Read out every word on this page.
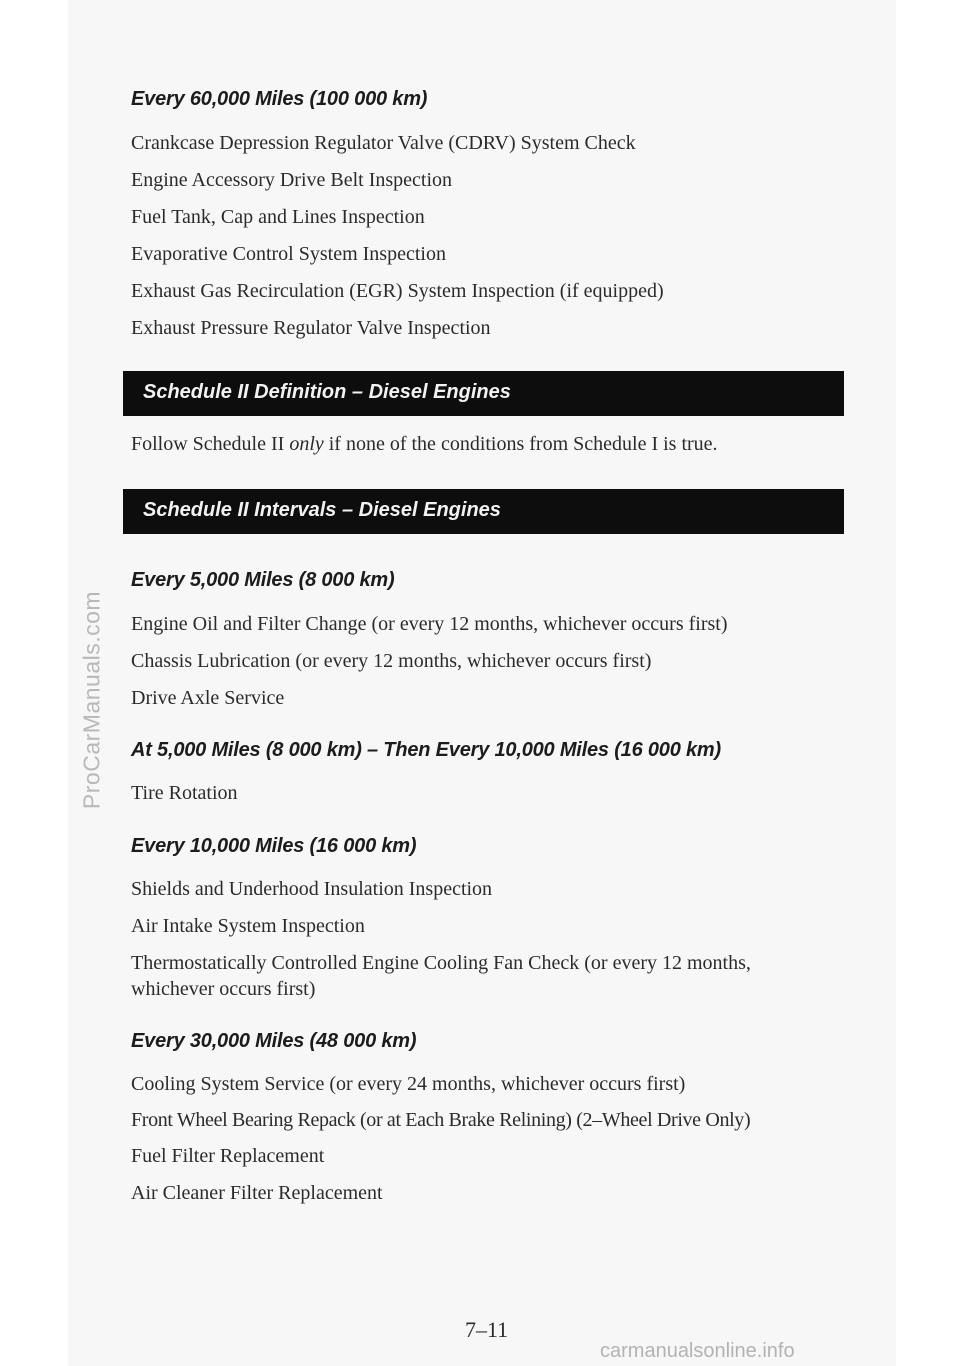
Every 60,000 Miles (100 000 km)
Crankcase Depression Regulator Valve (CDRV) System Check
Engine Accessory Drive Belt Inspection
Fuel Tank, Cap and Lines Inspection
Evaporative Control System Inspection
Exhaust Gas Recirculation (EGR) System Inspection (if equipped)
Exhaust Pressure Regulator Valve Inspection
Follow Schedule II only if none of the conditions from Schedule I is true.
Every 5,000 Miles (8 000 km)
Engine Oil and Filter Change (or every 12 months, whichever occurs first)
Chassis Lubrication (or every 12 months, whichever occurs first)
Drive Axle Service
At 5,000 Miles (8 000 km) – Then Every 10,000 Miles (16 000 km)
Tire Rotation
Every 10,000 Miles (16 000 km)
Shields and Underhood Insulation Inspection
Air Intake System Inspection
Thermostatically Controlled Engine Cooling Fan Check (or every 12 months, whichever occurs first)
Every 30,000 Miles (48 000 km)
Cooling System Service (or every 24 months, whichever occurs first)
Front Wheel Bearing Repack (or at Each Brake Relining) (2–Wheel Drive Only)
Fuel Filter Replacement
Air Cleaner Filter Replacement
Schedule II Definition – Diesel Engines
Schedule II Intervals – Diesel Engines
7–11
ProCarManuals.com
carmanualsonline.info
